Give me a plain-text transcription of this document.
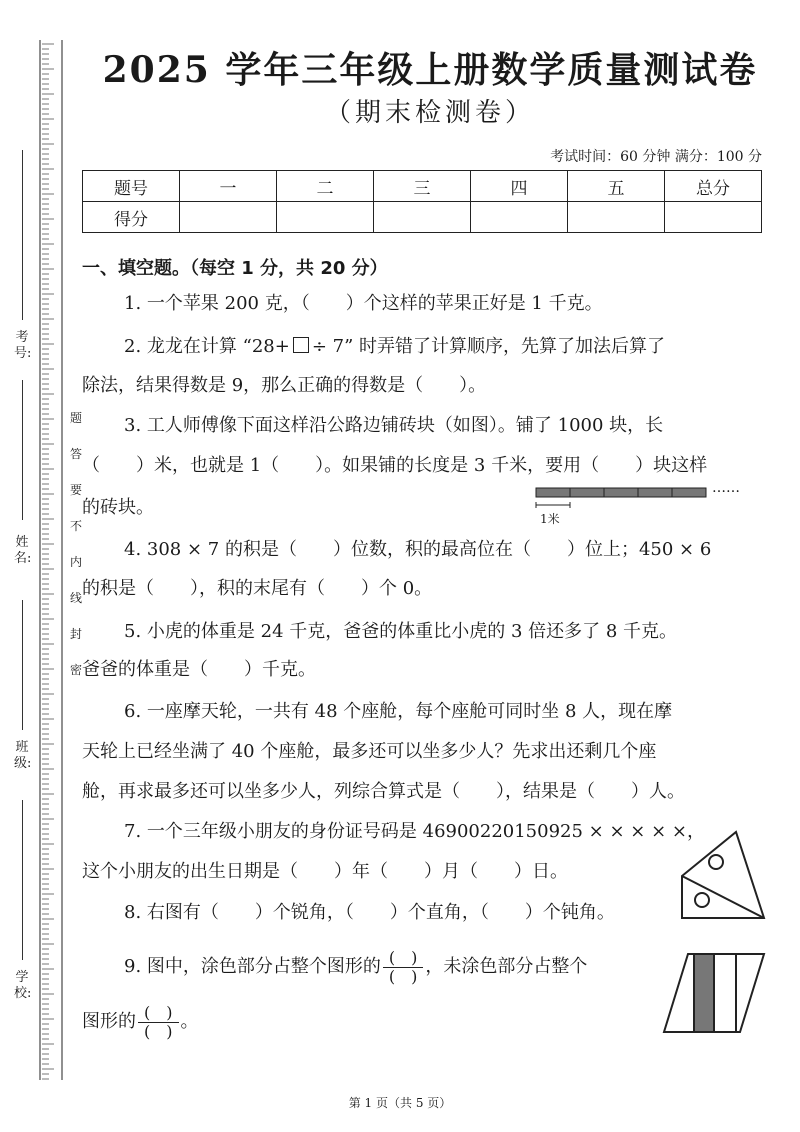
考号:
姓名:
班级:
学校:
题
答
要
不
内
线
封
密
2025 学年三年级上册数学质量测试卷
（期末检测卷）
考试时间：60 分钟 满分：100 分
题号	一	二	三	四	五	总分
得分						
一、填空题。（每空 1 分，共 20 分）
1. 一个苹果 200 克，（　　）个这样的苹果正好是 1 千克。
2. 龙龙在计算 “28+ ÷ 7” 时弄错了计算顺序，先算了加法后算了
除法，结果得数是 9，那么正确的得数是（　　）。
3. 工人师傅像下面这样沿公路边铺砖块（如图）。铺了 1000 块，长
（　　）米，也就是 1（　　）。如果铺的长度是 3 千米，要用（　　）块这样
的砖块。
1米
……
4. 308 × 7 的积是（　　）位数，积的最高位在（　　）位上；450 × 6
的积是（　　），积的末尾有（　　）个 0。
5. 小虎的体重是 24 千克，爸爸的体重比小虎的 3 倍还多了 8 千克。
爸爸的体重是（　　）千克。
6. 一座摩天轮，一共有 48 个座舱，每个座舱可同时坐 8 人，现在摩
天轮上已经坐满了 40 个座舱，最多还可以坐多少人？先求出还剩几个座
舱，再求最多还可以坐多少人，列综合算式是（　　），结果是（　　）人。
7. 一个三年级小朋友的身份证号码是 46900220150925 × × × × ×，
这个小朋友的出生日期是（　　）年（　　）月（　　）日。
8. 右图有（　　）个锐角，（　　）个直角，（　　）个钝角。
9. 图中，涂色部分占整个图形的 $\frac{( )}{( )}$ ，未涂色部分占整个
图形的 $\frac{( )}{( )}$ 。
第 1 页（共 5 页）
